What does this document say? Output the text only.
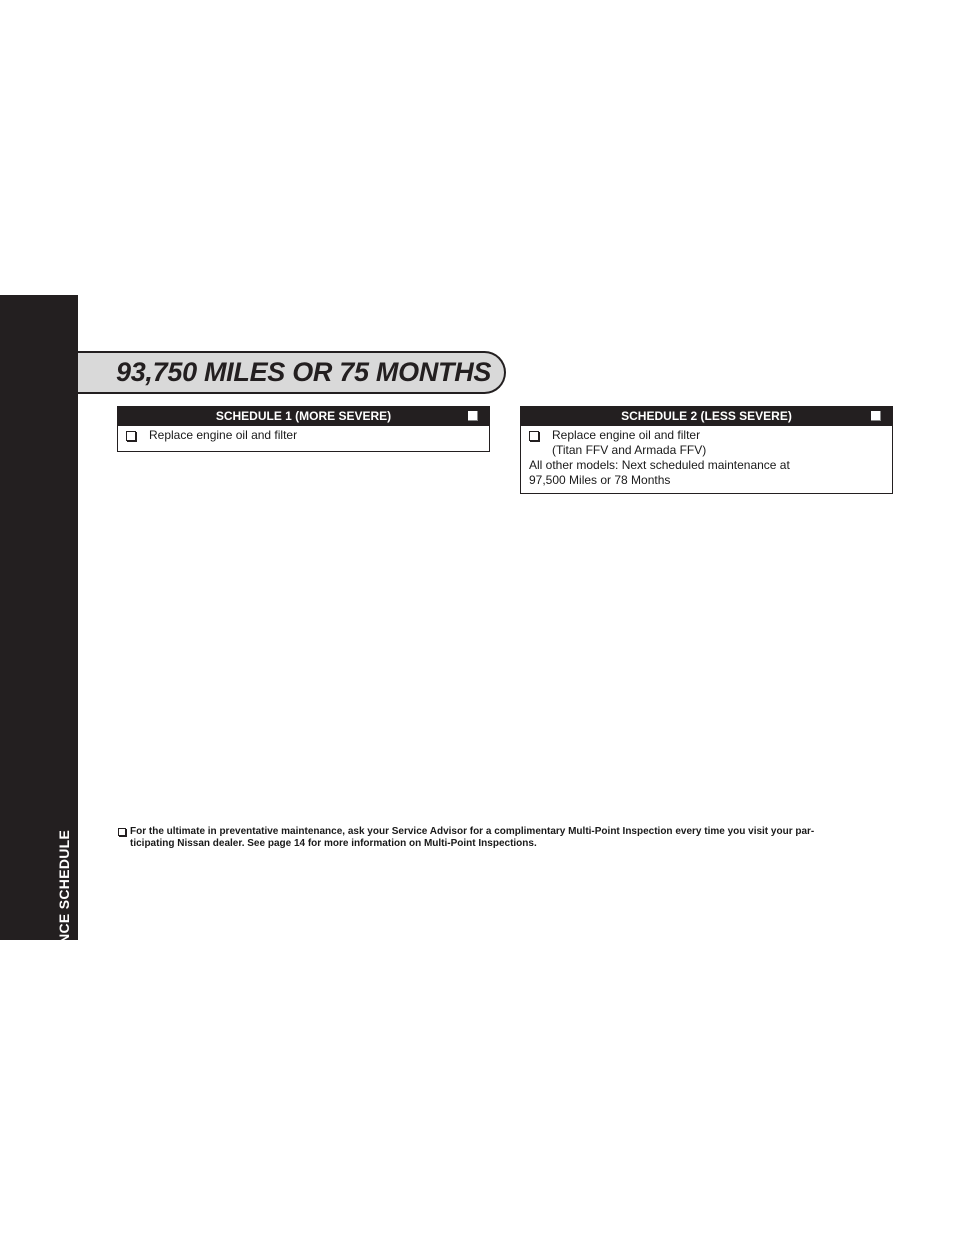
MAINTENANCE SCHEDULE
46
93,750 MILES OR 75 MONTHS
SCHEDULE 1 (MORE SEVERE)
Replace engine oil and filter
SCHEDULE 2 (LESS SEVERE)
Replace engine oil and filter
(Titan FFV and Armada FFV)
All other models: Next scheduled maintenance at
97,500 Miles or 78 Months
For the ultimate in preventative maintenance, ask your Service Advisor for a complimentary Multi-Point Inspection every time you visit your par-
ticipating Nissan dealer. See page 14 for more information on Multi-Point Inspections.
